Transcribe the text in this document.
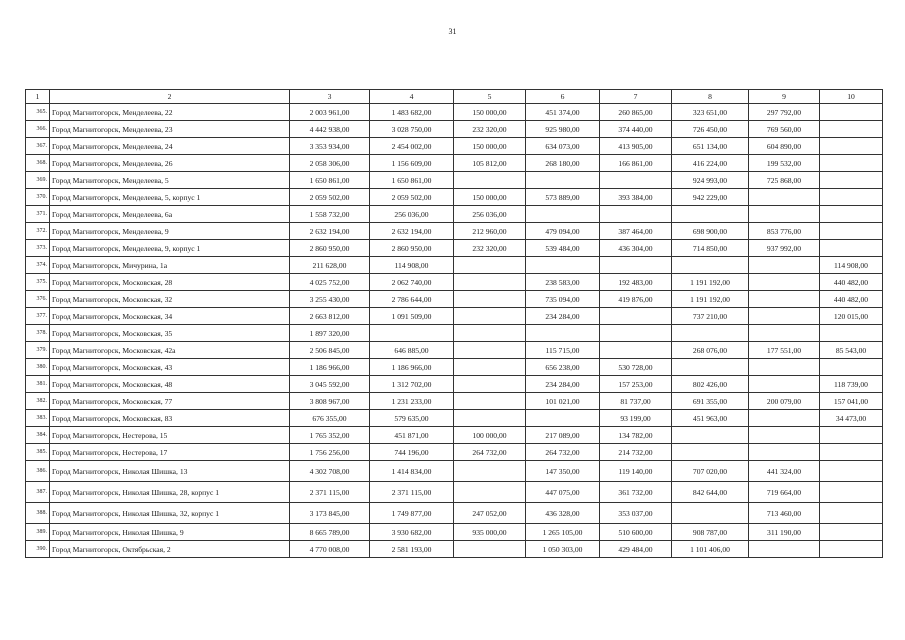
31
1	2	3	4	5	6	7	8	9	10
365.	Город Магнитогорск, Менделеева, 22	2 003 961,00	1 483 682,00	150 000,00	451 374,00	260 865,00	323 651,00	297 792,00	
366.	Город Магнитогорск, Менделеева, 23	4 442 938,00	3 028 750,00	232 320,00	925 980,00	374 440,00	726 450,00	769 560,00	
367.	Город Магнитогорск, Менделеева, 24	3 353 934,00	2 454 002,00	150 000,00	634 073,00	413 905,00	651 134,00	604 890,00	
368.	Город Магнитогорск, Менделеева, 26	2 058 306,00	1 156 609,00	105 812,00	268 180,00	166 861,00	416 224,00	199 532,00	
369.	Город Магнитогорск, Менделеева, 5	1 650 861,00	1 650 861,00				924 993,00	725 868,00	
370.	Город Магнитогорск, Менделеева, 5, корпус 1	2 059 502,00	2 059 502,00	150 000,00	573 889,00	393 384,00	942 229,00		
371.	Город Магнитогорск, Менделеева, 6а	1 558 732,00	256 036,00	256 036,00					
372.	Город Магнитогорск, Менделеева, 9	2 632 194,00	2 632 194,00	212 960,00	479 094,00	387 464,00	698 900,00	853 776,00	
373.	Город Магнитогорск, Менделеева, 9, корпус 1	2 860 950,00	2 860 950,00	232 320,00	539 484,00	436 304,00	714 850,00	937 992,00	
374.	Город Магнитогорск, Мичурина, 1а	211 628,00	114 908,00						114 908,00
375.	Город Магнитогорск, Московская, 28	4 025 752,00	2 062 740,00		238 583,00	192 483,00	1 191 192,00		440 482,00
376.	Город Магнитогорск, Московская, 32	3 255 430,00	2 786 644,00		735 094,00	419 876,00	1 191 192,00		440 482,00
377.	Город Магнитогорск, Московская, 34	2 663 812,00	1 091 509,00		234 284,00		737 210,00		120 015,00
378.	Город Магнитогорск, Московская, 35	1 897 320,00							
379.	Город Магнитогорск, Московская, 42а	2 506 845,00	646 885,00		115 715,00		268 076,00	177 551,00	85 543,00
380.	Город Магнитогорск, Московская, 43	1 186 966,00	1 186 966,00		656 238,00	530 728,00			
381.	Город Магнитогорск, Московская, 48	3 045 592,00	1 312 702,00		234 284,00	157 253,00	802 426,00		118 739,00
382.	Город Магнитогорск, Московская, 77	3 808 967,00	1 231 233,00		101 021,00	81 737,00	691 355,00	200 079,00	157 041,00
383.	Город Магнитогорск, Московская, 83	676 355,00	579 635,00			93 199,00	451 963,00		34 473,00
384.	Город Магнитогорск, Нестерова, 15	1 765 352,00	451 871,00	100 000,00	217 089,00	134 782,00			
385.	Город Магнитогорск, Нестерова, 17	1 756 256,00	744 196,00	264 732,00	264 732,00	214 732,00			
386.	Город Магнитогорск, Николая Шишка, 13	4 302 708,00	1 414 834,00		147 350,00	119 140,00	707 020,00	441 324,00	
387.	Город Магнитогорск, Николая Шишка, 28, корпус 1	2 371 115,00	2 371 115,00		447 075,00	361 732,00	842 644,00	719 664,00	
388.	Город Магнитогорск, Николая Шишка, 32, корпус 1	3 173 845,00	1 749 877,00	247 052,00	436 328,00	353 037,00		713 460,00	
389.	Город Магнитогорск, Николая Шишка, 9	8 665 789,00	3 930 682,00	935 000,00	1 265 105,00	510 600,00	908 787,00	311 190,00	
390.	Город Магнитогорск, Октябрьская, 2	4 770 008,00	2 581 193,00		1 050 303,00	429 484,00	1 101 406,00		
